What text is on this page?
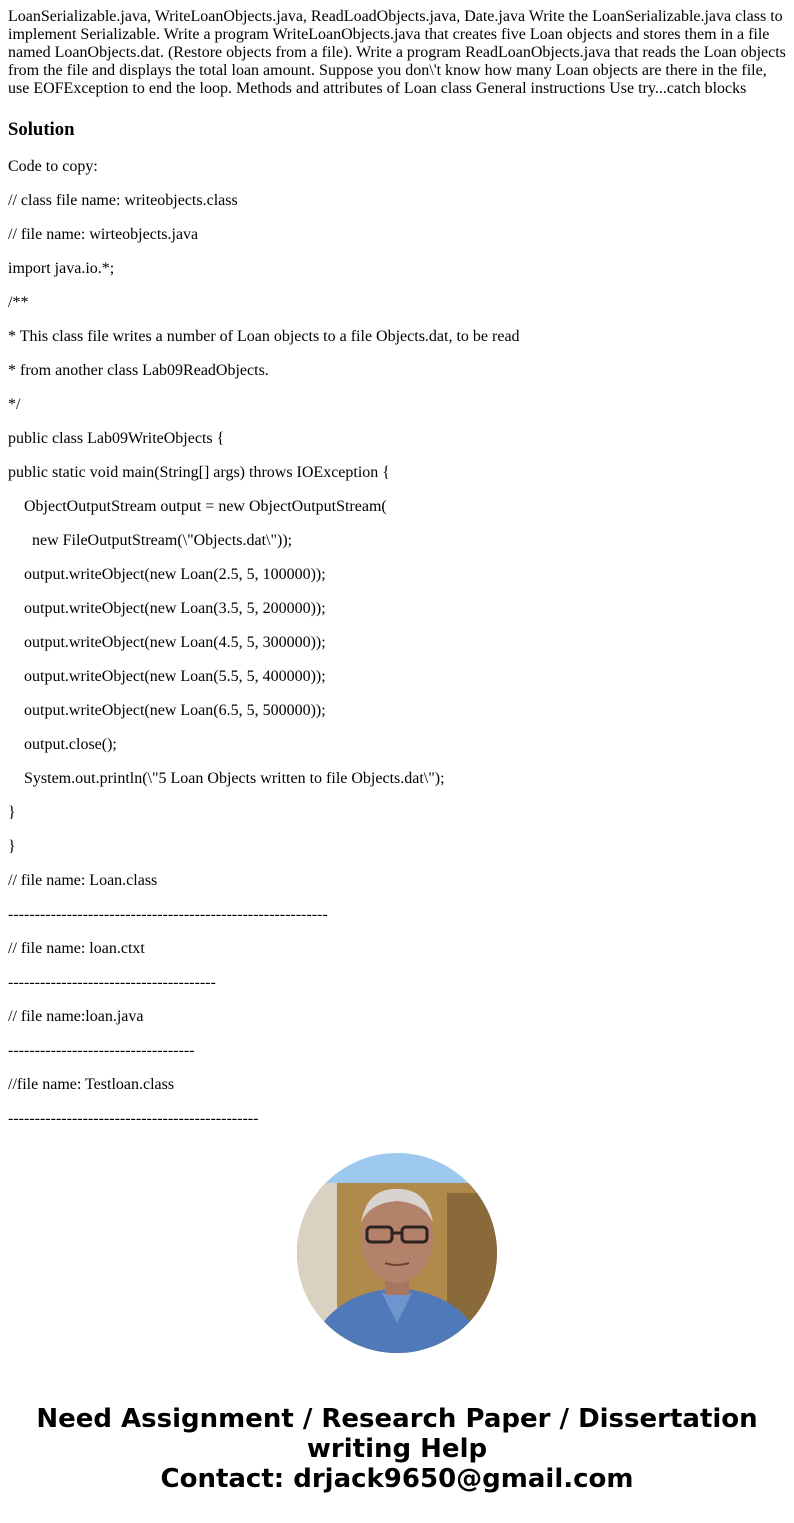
LoanSerializable.java, WriteLoanObjects.java, ReadLoadObjects.java, Date.java Write the LoanSerializable.java class to implement Serializable. Write a program WriteLoanObjects.java that creates five Loan objects and stores them in a file named LoanObjects.dat. (Restore objects from a file). Write a program ReadLoanObjects.java that reads the Loan objects from the file and displays the total loan amount. Suppose you don\'t know how many Loan objects are there in the file, use EOFException to end the loop. Methods and attributes of Loan class General instructions Use try...catch blocks

Solution

Code to copy:

// class file name: writeobjects.class

// file name: wirteobjects.java

import java.io.*;

/**

* This class file writes a number of Loan objects to a file Objects.dat, to be read

* from another class Lab09ReadObjects.

*/

public class Lab09WriteObjects {

public static void main(String[] args) throws IOException {

ObjectOutputStream output = new ObjectOutputStream(

new FileOutputStream(\"Objects.dat\"));

output.writeObject(new Loan(2.5, 5, 100000));

output.writeObject(new Loan(3.5, 5, 200000));

output.writeObject(new Loan(4.5, 5, 300000));

output.writeObject(new Loan(5.5, 5, 400000));

output.writeObject(new Loan(6.5, 5, 500000));

output.close();

System.out.println(\"5 Loan Objects written to file Objects.dat\");

}

}

// file name: Loan.class

------------------------------------------------------------

// file name: loan.ctxt

---------------------------------------

// file name:loan.java

-----------------------------------

//file name: Testloan.class

-----------------------------------------------

Need Assignment / Research Paper / Dissertation
writing Help
Contact: drjack9650@gmail.com
